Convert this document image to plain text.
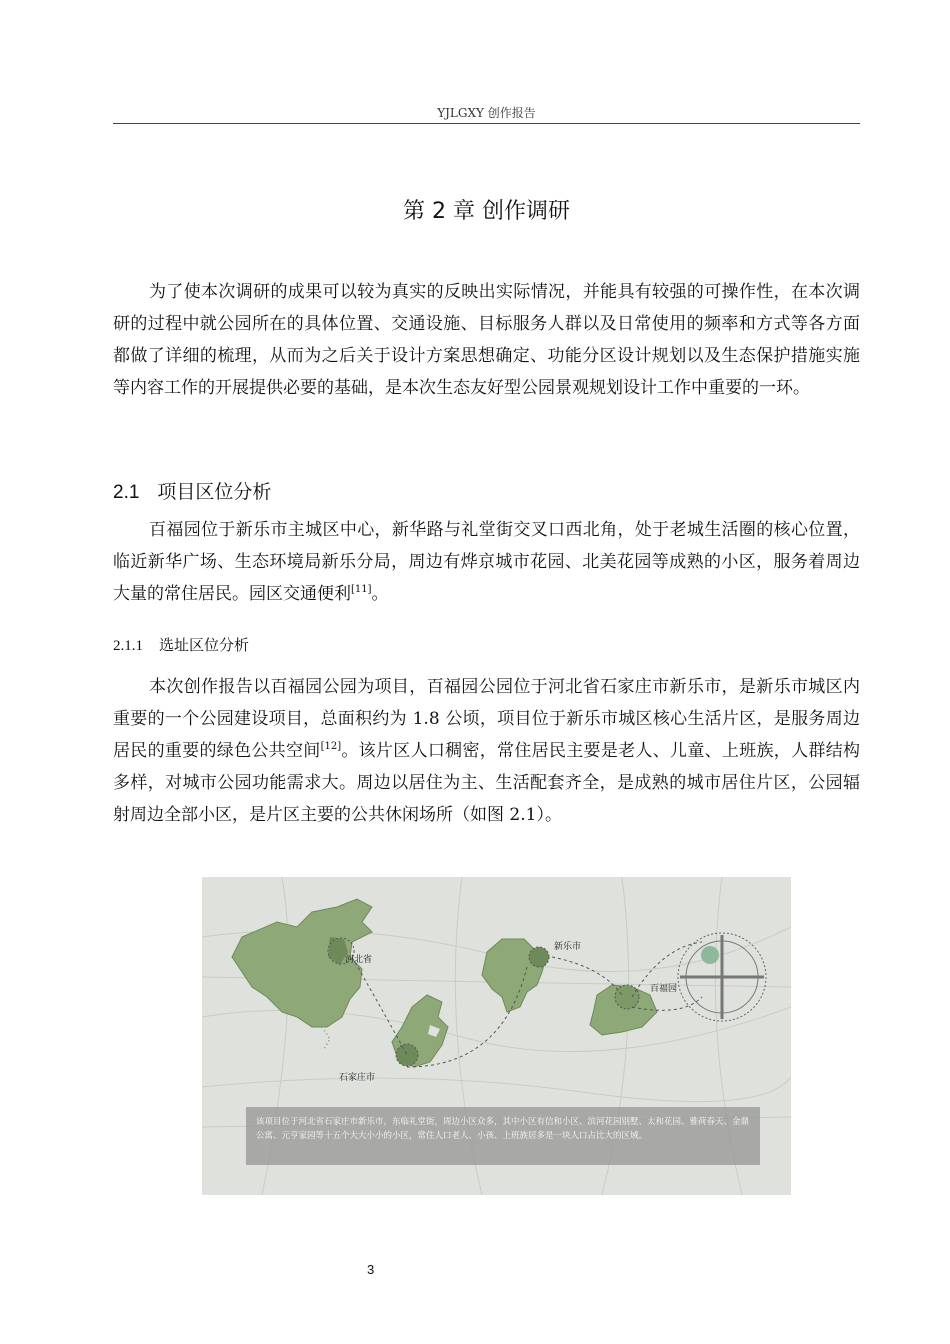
YJLGXY 创作报告
第 2 章 创作调研

为了使本次调研的成果可以较为真实的反映出实际情况，并能具有较强的可操作性，在本次调研的过程中就公园所在的具体位置、交通设施、目标服务人群以及日常使用的频率和方式等各方面都做了详细的梳理，从而为之后关于设计方案思想确定、功能分区设计规划以及生态保护措施实施等内容工作的开展提供必要的基础，是本次生态友好型公园景观规划设计工作中重要的一环。

2.1 项目区位分析

百福园位于新乐市主城区中心，新华路与礼堂街交叉口西北角，处于老城生活圈的核心位置，临近新华广场、生态环境局新乐分局，周边有烨京城市花园、北美花园等成熟的小区，服务着周边大量的常住居民。园区交通便利[11]。

2.1.1 选址区位分析

本次创作报告以百福园公园为项目，百福园公园位于河北省石家庄市新乐市，是新乐市城区内重要的一个公园建设项目，总面积约为 1.8 公顷，项目位于新乐市城区核心生活片区，是服务周边居民的重要的绿色公共空间[12]。该片区人口稠密，常住居民主要是老人、儿童、上班族，人群结构多样，对城市公园功能需求大。周边以居住为主、生活配套齐全，是成熟的城市居住片区，公园辐射周边全部小区，是片区主要的公共休闲场所（如图 2.1）。

河北省
石家庄市
新乐市
百福园
该项目位于河北省石家庄市新乐市，东临礼堂街，周边小区众多，其中小区有信和小区、滨河花园别墅、太和花园、雅荷春天、金鼎公寓、元亨家园等十五个大大小小的小区，常住人口老人、小孩、上班族居多是一块人口占比大的区域。
3
